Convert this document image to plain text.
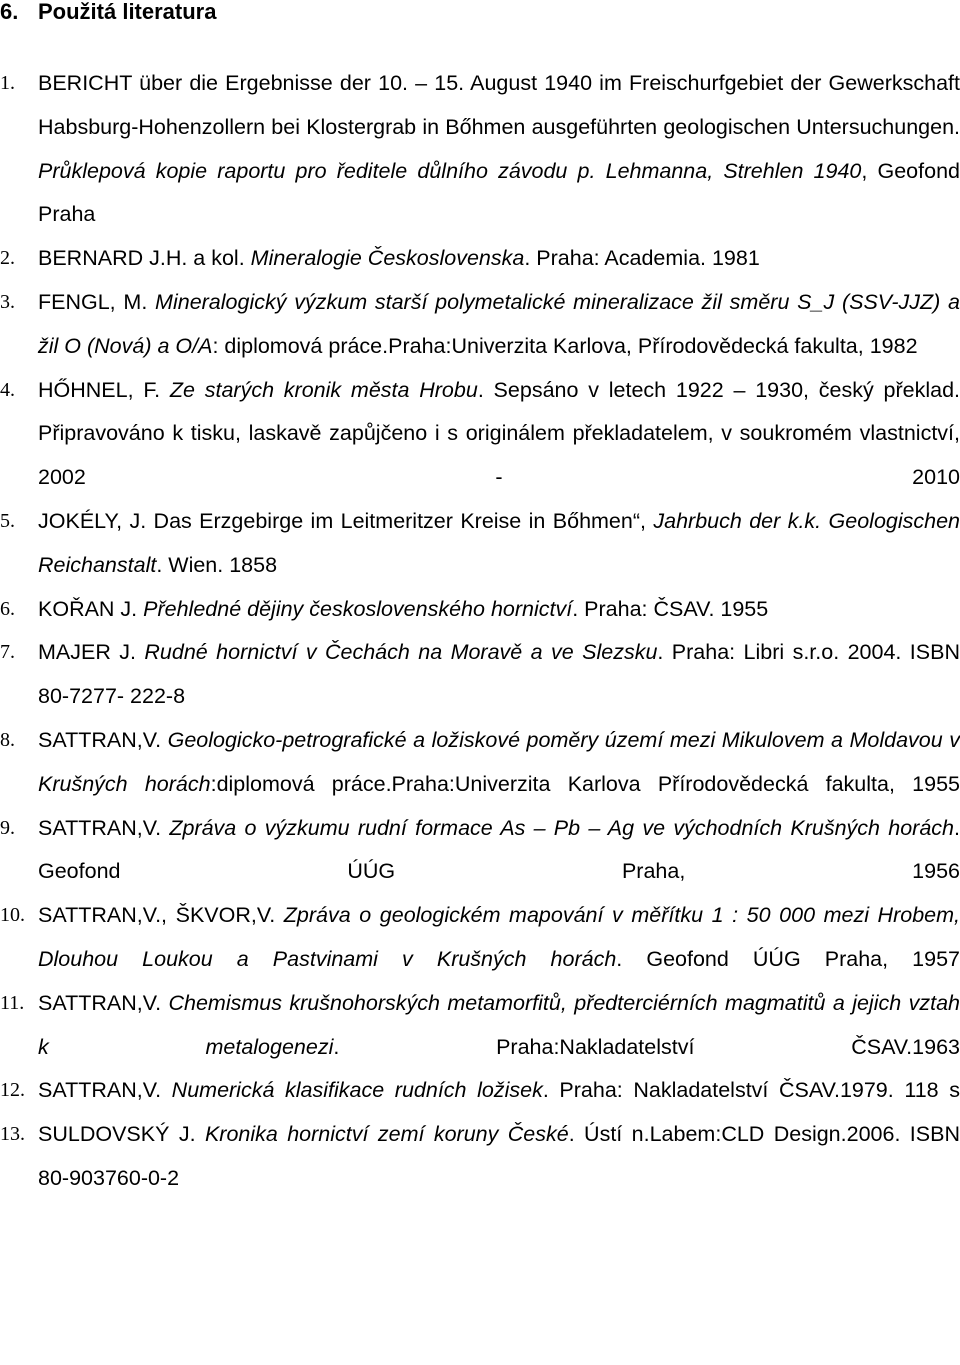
6. Použitá literatura
1. BERICHT über die Ergebnisse der 10. – 15. August 1940 im Freischurfgebiet der Gewerkschaft Habsburg-Hohenzollern bei Klostergrab in Bőhmen ausgeführten geologischen Untersuchungen. Průklepová kopie raportu pro ředitele důlního závodu p. Lehmanna, Strehlen 1940, Geofond Praha
2. BERNARD J.H. a kol. Mineralogie Československa. Praha: Academia. 1981
3. FENGL, M. Mineralogický výzkum starší polymetalické mineralizace žil směru S_J (SSV-JJZ) a žil O (Nová) a O/A: diplomová práce.Praha:Univerzita Karlova, Přírodovědecká fakulta, 1982
4. HŐHNEL, F. Ze starých kronik města Hrobu. Sepsáno v letech 1922 – 1930, český překlad. Připravováno k tisku, laskavě zapůjčeno i s originálem překladatelem, v soukromém vlastnictví, 2002 - 2010
5. JOKÉLY, J. Das Erzgebirge im Leitmeritzer Kreise in Bőhmen“, Jahrbuch der k.k. Geologischen Reichanstalt. Wien. 1858
6. KOŘAN J. Přehledné dějiny československého hornictví. Praha: ČSAV. 1955
7. MAJER J. Rudné hornictví v Čechách na Moravě a ve Slezsku. Praha: Libri s.r.o. 2004. ISBN 80-7277- 222-8
8. SATTRAN,V. Geologicko-petrografické a ložiskové poměry území mezi Mikulovem a Moldavou v Krušných horách:diplomová práce.Praha:Univerzita Karlova Přírodovědecká fakulta, 1955
9. SATTRAN,V. Zpráva o výzkumu rudní formace As – Pb – Ag ve východních Krušných horách. Geofond ÚÚG Praha, 1956
10. SATTRAN,V., ŠKVOR,V. Zpráva o geologickém mapování v měřítku 1 : 50 000 mezi Hrobem, Dlouhou Loukou a Pastvinami v Krušných horách. Geofond ÚÚG Praha, 1957
11. SATTRAN,V. Chemismus krušnohorských metamorfitů, předterciérních magmatitů a jejich vztah k metalogenezi. Praha:Nakladatelství ČSAV.1963
12. SATTRAN,V. Numerická klasifikace rudních ložisek. Praha: Nakladatelství ČSAV.1979. 118 s
13. SULDOVSKÝ J. Kronika hornictví zemí koruny České. Ústí n.Labem:CLD Design.2006. ISBN 80-903760-0-2
